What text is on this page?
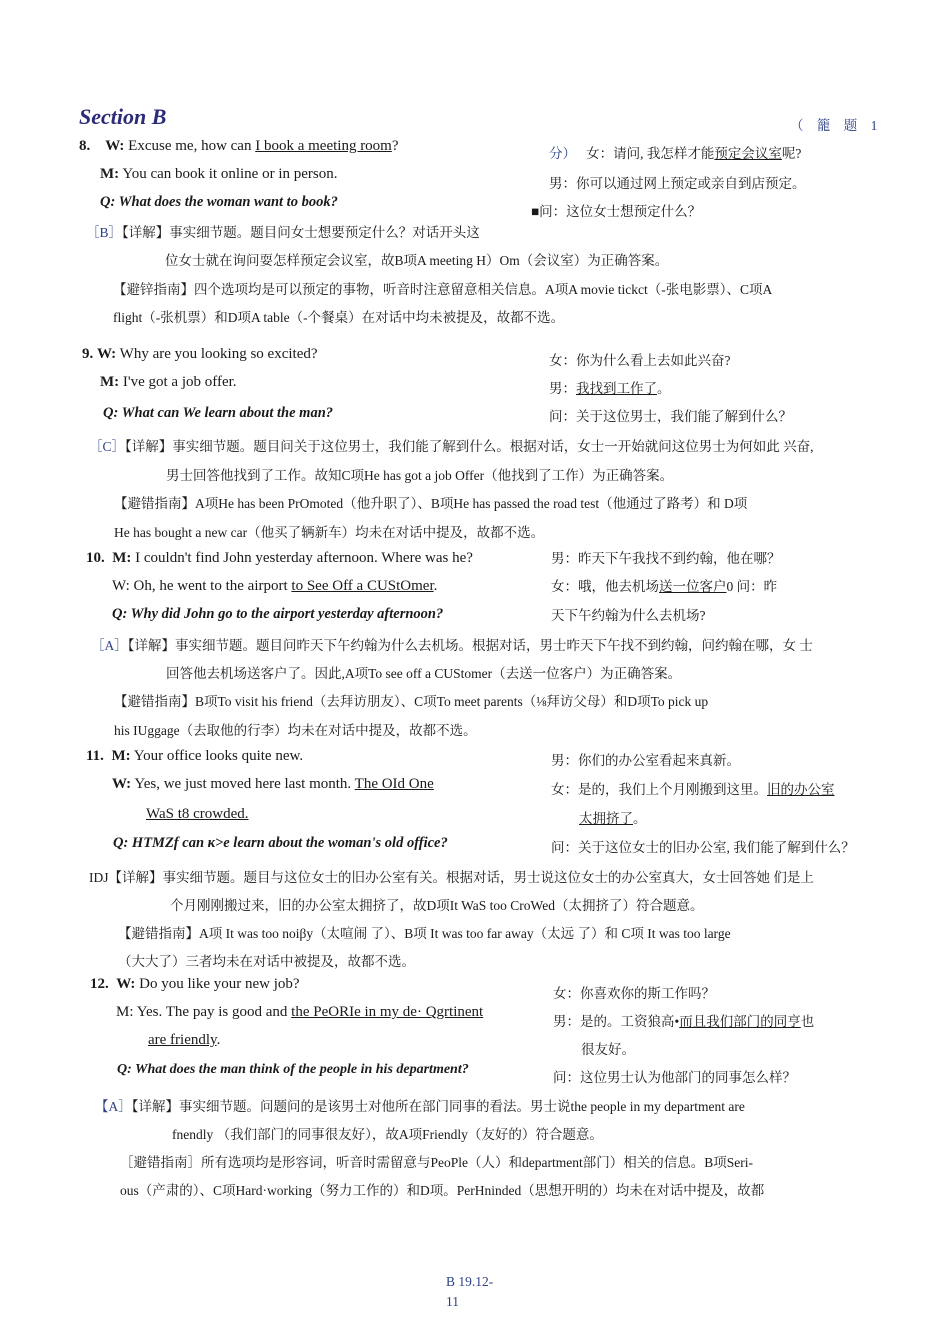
Section B	（ 籠 题 1
8. W: Excuse me, how can I book a meeting room?
M: You can book it online or in person.
Q: What does the woman want to book?
分） 女：请问, 我怎样才能预定会议室呢?
男：你可以通过网上预定或亲自到店预定。
■问：这位女士想预定什么？
［B］【详解】事实细节题。题目问女士想要预定什么？对话开头这
位女士就在询问耍怎样预定会议室，故B项A meeting H）Om（会议室）为正确答案。
【避锌指南】四个选项均是可以预定的事物，听音时注意留意相关信息。A项A movie tickct（-张电影票）、C项A
flight（-张机票）和D项A table（-个餐桌）在对话中均未被提及，故都不选。
9. W: Why are you looking so excited?
M: I've got a job offer.
Q: What can We learn about the man?
女：你为什么看上去如此兴奋?
男：我找到工作了。
问：关于这位男士，我们能了解到什么？
［C］【详解】事实细节题。题目问关于这位男士，我们能了解到什么。根据对话，女士一开始就问这位男士为何如此 兴奋,
男士回答他找到了工作。故知C项He has got a job Offer（他找到了工作）为正确答案。
【避错指南】A项He has been PrOmoted（他升职了）、B项He has passed the road test（他通过了路考）和 D项
He has bought a new car（他买了辆新车）均未在对话中提及，故都不选。
10. M: I couldn't find John yesterday afternoon. Where was he?
W: Oh, he went to the airport to See Off a CUStOmer.
Q: Why did John go to the airport yesterday afternoon?
男：昨天下午我找不到约翰，他在哪？
女：哦，他去机场送一位客户0 问：昨
天下午约翰为什么去机场?
［A］【详解】事实细节题。题目问昨天下午约翰为什么去机场。根据对话，男士昨天下午找不到约翰，问约翰在哪，女 士
回答他去机场送客户了。因此,A项To see off a CUStomer（去送一位客户）为正确答案。
【避错指南】B项To visit his friend（去拜访朋友）、C项To meet parents（⅛拜访父母）和D项To pick up
his IUggage（去取他的行李）均未在对话中提及，故都不选。
11. M: Your office looks quite new.
W: Yes, we just moved here last month. The OId One
WaS t8 crowded.
Q: HTMZf can к>e learn about the woman's old office?
男：你们的办公室看起来真新。
女：是的，我们上个月刚搬到这里。旧的办公室
太拥挤了。
问：关于这位女士的旧办公室, 我们能了解到什么？
IDJ【详解】事实细节题。题目与这位女士的旧办公室有关。根据对话，男士说这位女士的办公室真大，女士回答她 们是上
个月刚刚搬过来，旧的办公室太拥挤了，故D项It WaS too CroWed（太拥挤了）符合题意。
【避错指南】A项 It was too noiβy（太喧闹 了）、B项 It was too far away（太远 了）和 C项 It was too large
（大大了）三者均未在对话中被提及，故都不选。
12. W: Do you like your new job?
M: Yes. The pay is good and the PeORIe in my de· Qgrtinent
are friendly.
Q: What does the man think of the people in his department?
女：你喜欢你的斯工作吗？
男：是的。工资狼高•而且我们部门的同亨也
很友好。
问：这位男士认为他部门的同事怎么样？
【A］【详解】事实细节题。问题问的是该男士对他所在部门同事的看法。男士说the people in my department are
fnendly （我们部门的同事很友好），故A项Friendly（友好的）符合题意。
［避错指南］所有选项均是形容词，听音时需留意与PeoPle（人）和department部门）相关的信息。B项Seri-
ous（产肃的）、C项Hard·working（努力工作的）和D项。PerHninded（思想开明的）均未在对话中提及，故都
B 19.12-
11
